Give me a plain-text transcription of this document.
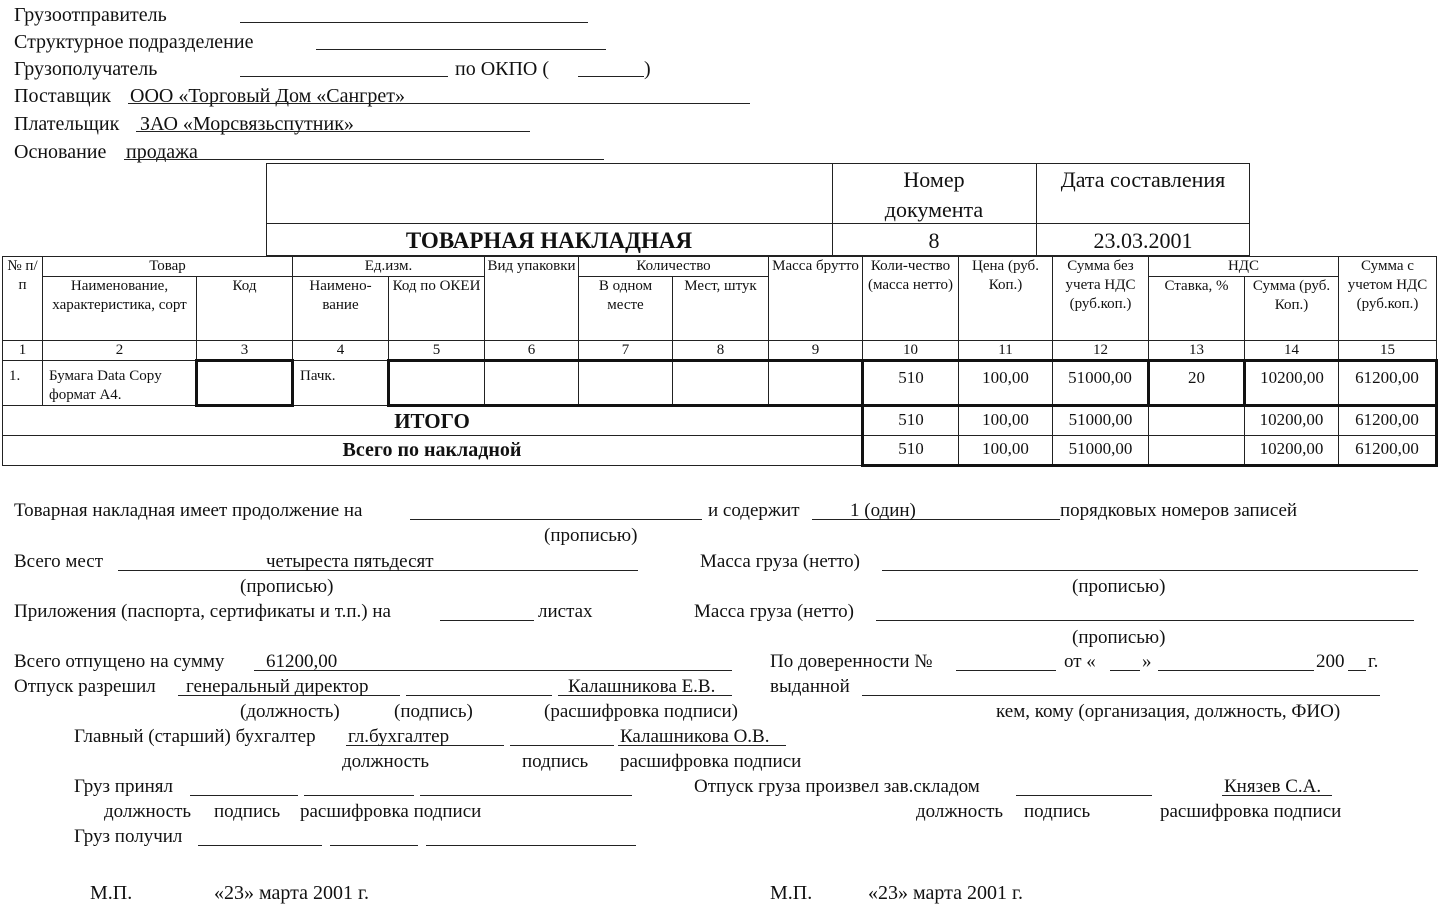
Грузоотправитель
Структурное подразделение
Грузополучатель	по ОКПО (	)
Поставщик ООО «Торговый Дом «Сангрет»
Плательщик ЗАО «Морсвязьспутник»
Основание продажа
ТОВАРНАЯ НАКЛАДНАЯ
Номер
документа
8
Дата составления
23.03.2001
№ п/п	Товар		Ед.изм.		Вид упаковки	Количество		Масса брутто	Коли-чество (масса нетто)	Цена (руб. Коп.)	Сумма без учета НДС (руб.коп.)	НДС		Сумма с учетом НДС (руб.коп.)
	Наименование, характеристика, сорт	Код	Наимено-вание	Код по ОКЕИ		В одном месте	Мест, штук					Ставка, %	Сумма (руб. Коп.)	
1	2	3	4	5	6	7	8	9	10	11	12	13	14	15
1.	Бумага Data Copy формат А4.		Пачк.						510	100,00	51000,00	20	10200,00	61200,00
ИТОГО									510	100,00	51000,00		10200,00	61200,00
Всего по накладной									510	100,00	51000,00		10200,00	61200,00
Товарная накладная имеет продолжение на	и содержит	1 (один)	порядковых номеров записей
(прописью)
Всего мест	четыреста пятьдесят	Масса груза (нетто)
(прописью)	(прописью)
Приложения (паспорта, сертификаты и т.п.) на	листах	Масса груза (нетто)
(прописью)
Всего отпущено на сумму 61200,00	По доверенности №	от « »	200 г.
Отпуск разрешил генеральный директор	Калашникова Е.В.	выданной
(должность)	(подпись)	(расшифровка подписи)	кем, кому (организация, должность, ФИО)
Главный (старший) бухгалтер гл.бухгалтер	Калашникова О.В.
должность	подпись расшифровка подписи
Груз принял	Отпуск груза произвел зав.складом	Князев С.А.
должность подпись расшифровка подписи	должность подпись	расшифровка подписи
Груз получил
М.П.	«23» марта 2001 г.	М.П.	«23» марта 2001 г.
